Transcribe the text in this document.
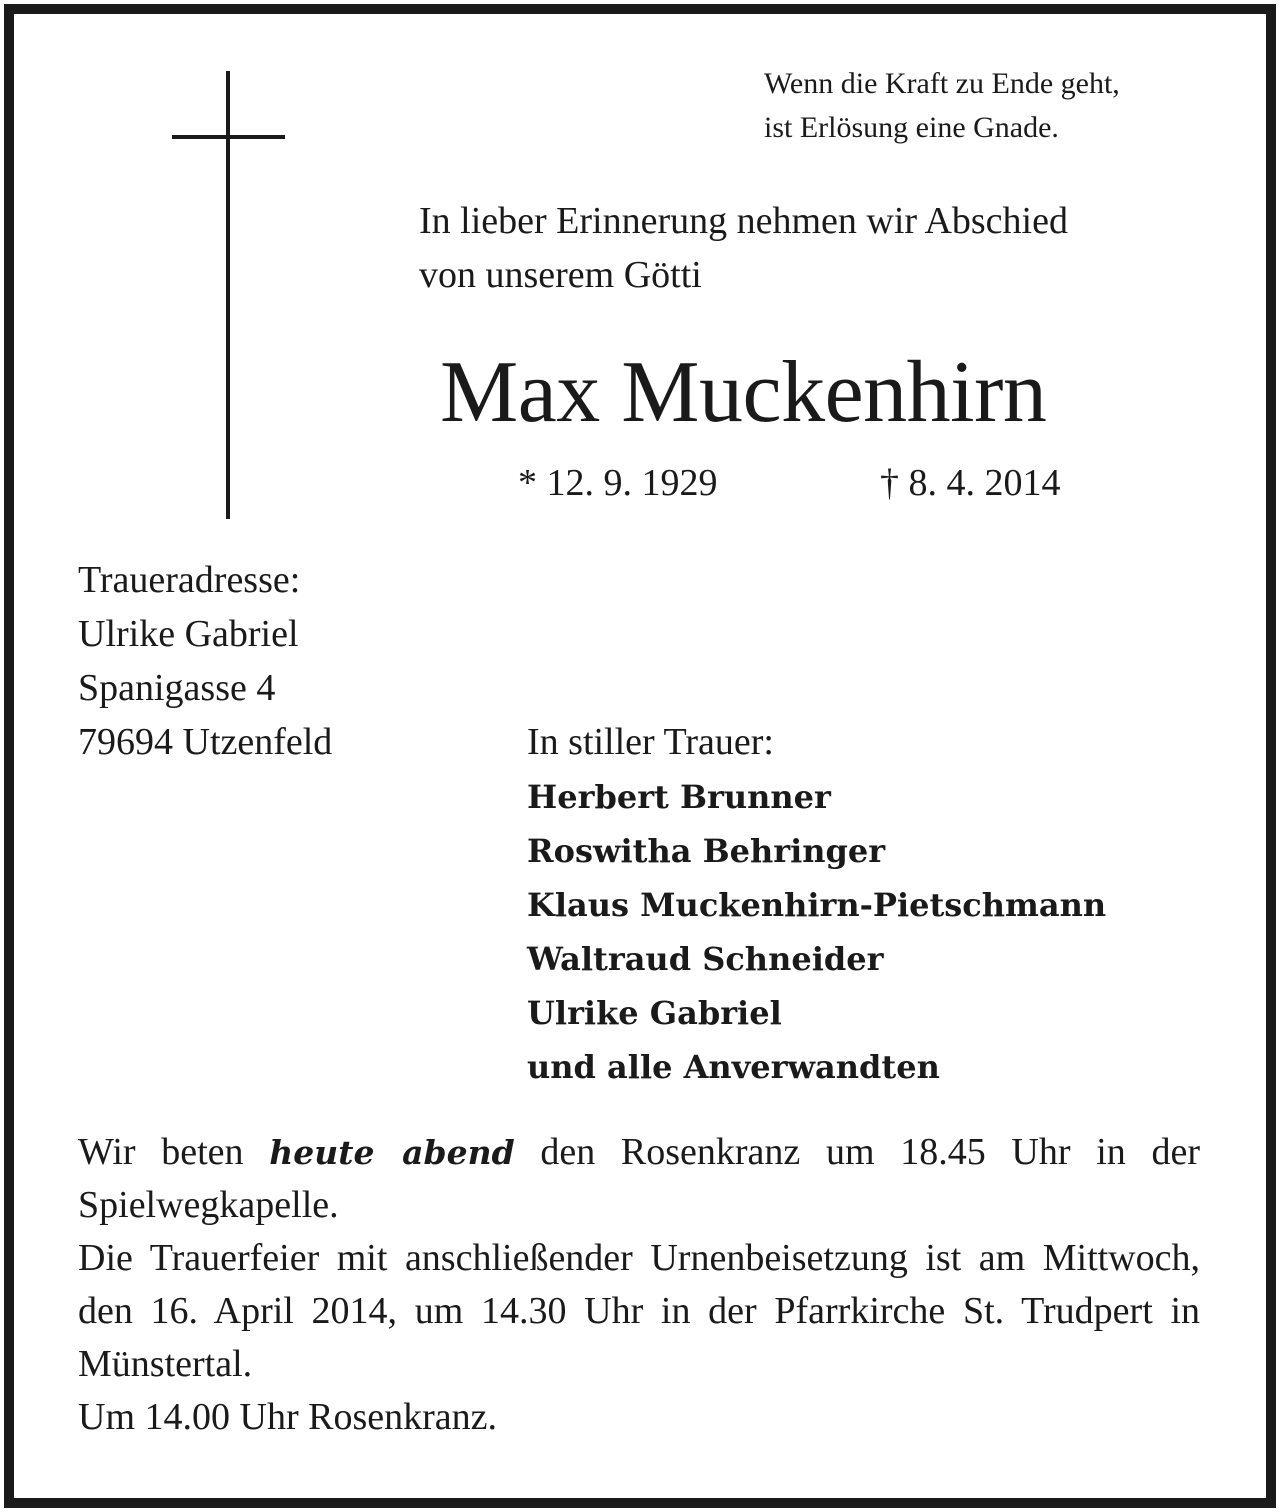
Wenn die Kraft zu Ende geht,
ist Erlösung eine Gnade.
In lieber Erinnerung nehmen wir Abschied
von unserem Götti
Max Muckenhirn
* 12. 9. 1929	† 8. 4. 2014
Traueradresse:
Ulrike Gabriel
Spanigasse 4
79694 Utzenfeld	In stiller Trauer:
Herbert Brunner
Roswitha Behringer
Klaus Muckenhirn-Pietschmann
Waltraud Schneider
Ulrike Gabriel
und alle Anverwandten

Wir beten heute abend den Rosenkranz um 18.45 Uhr in der Spielwegkapelle.

Die Trauerfeier mit anschließender Urnenbeisetzung ist am Mittwoch, den 16. April 2014, um 14.30 Uhr in der Pfarrkirche St. Trudpert in Münstertal.

Um 14.00 Uhr Rosenkranz.
